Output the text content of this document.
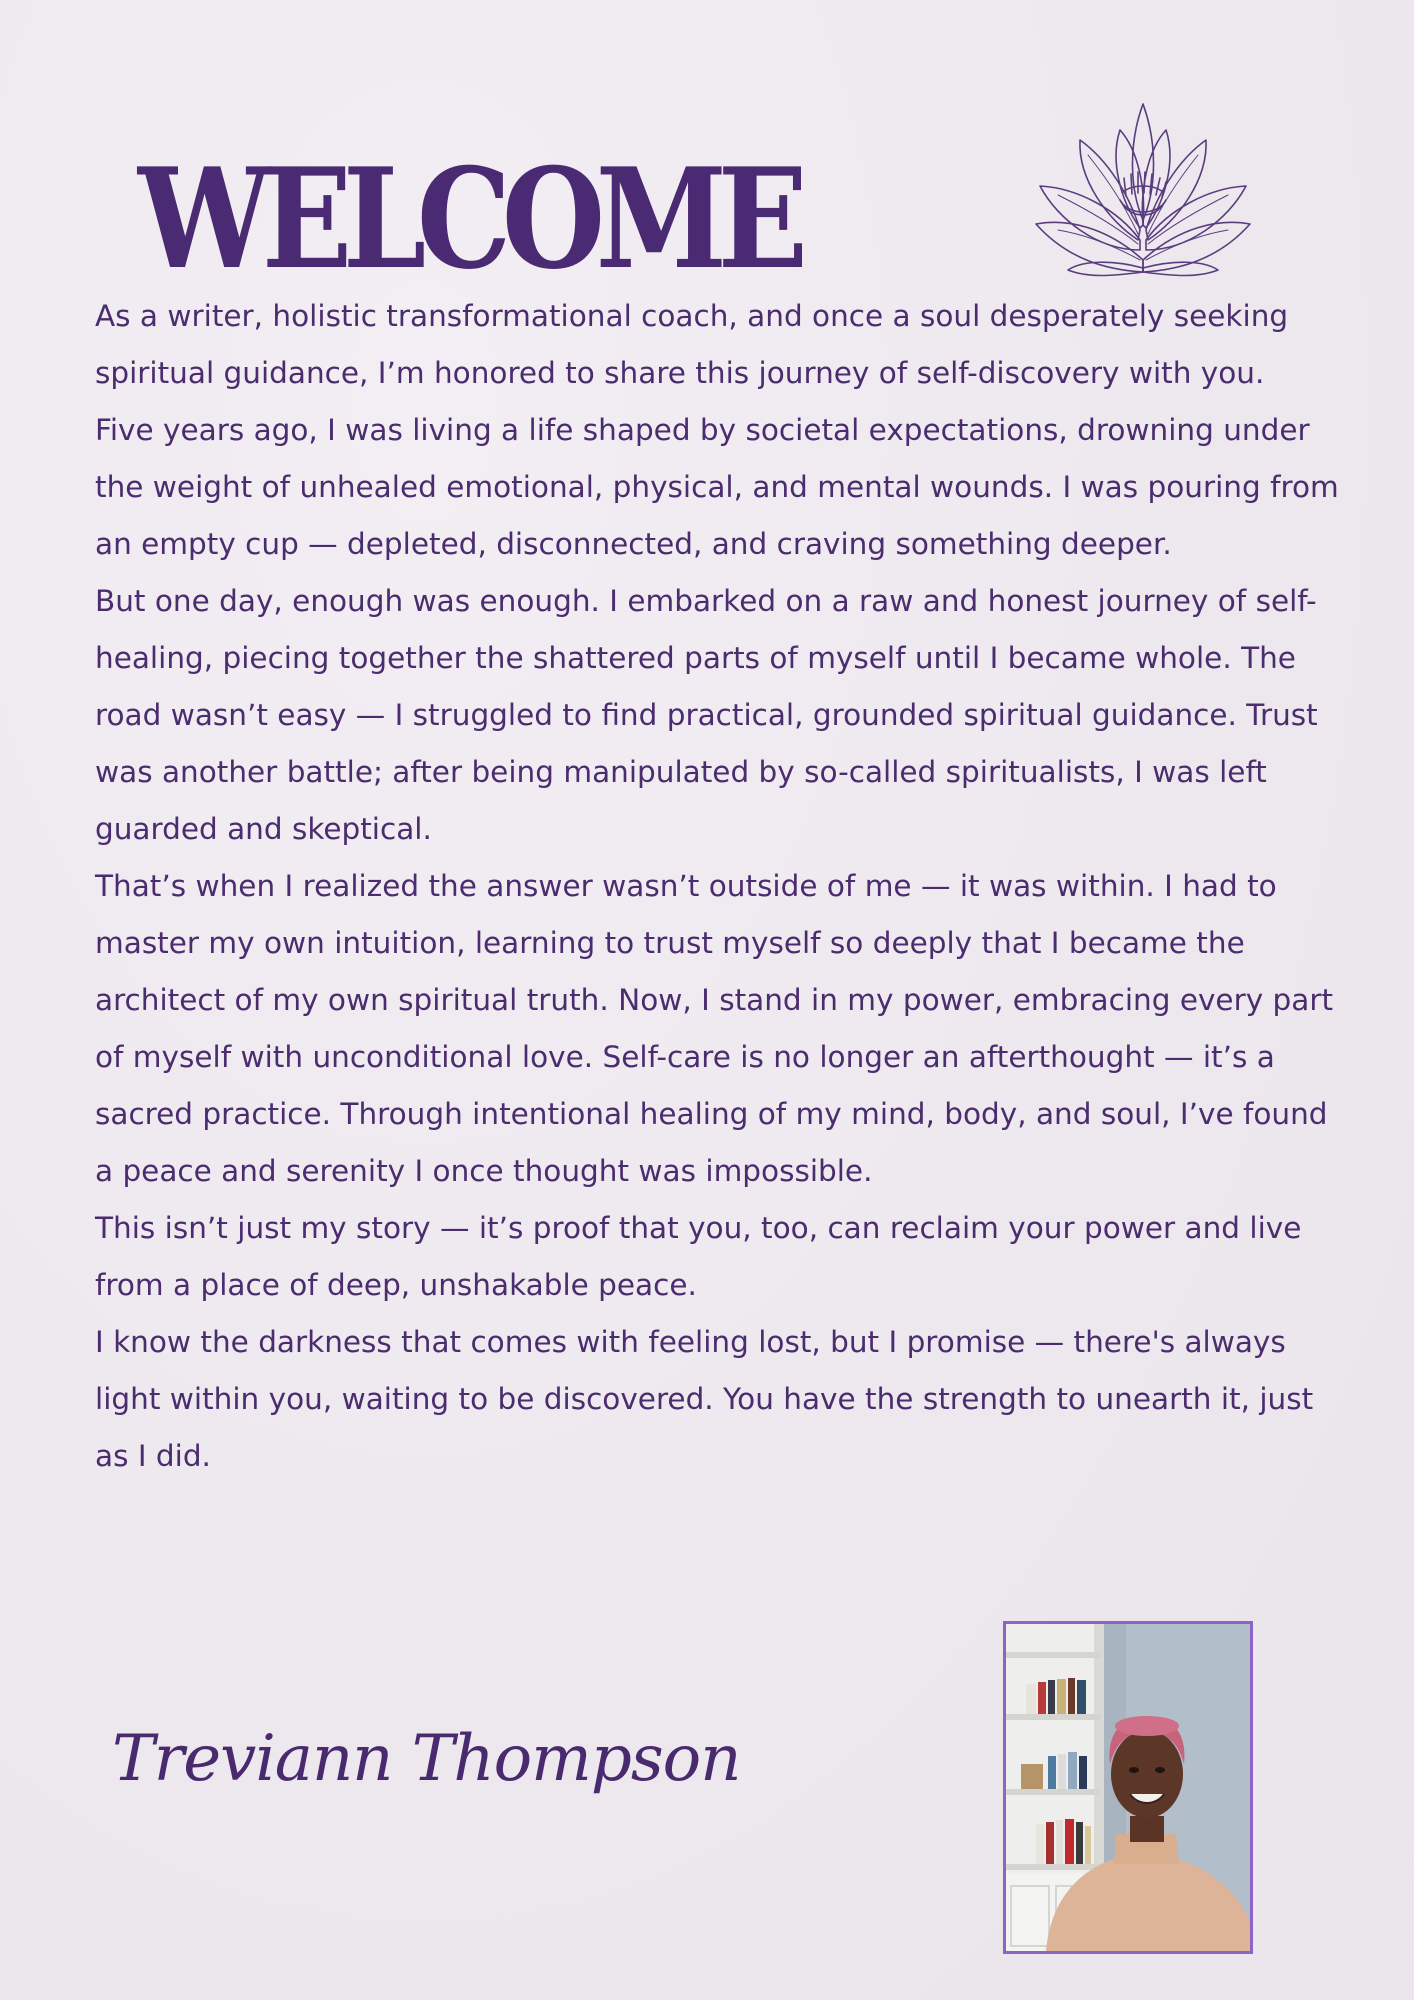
WELCOME

As a writer, holistic transformational coach, and once a soul desperately seeking spiritual guidance, I’m honored to share this journey of self-discovery with you.

Five years ago, I was living a life shaped by societal expectations, drowning under the weight of unhealed emotional, physical, and mental wounds. I was pouring from an empty cup — depleted, disconnected, and craving something deeper.

But one day, enough was enough. I embarked on a raw and honest journey of self-healing, piecing together the shattered parts of myself until I became whole. The road wasn’t easy — I struggled to find practical, grounded spiritual guidance. Trust was another battle; after being manipulated by so-called spiritualists, I was left guarded and skeptical.

That’s when I realized the answer wasn’t outside of me — it was within. I had to master my own intuition, learning to trust myself so deeply that I became the architect of my own spiritual truth. Now, I stand in my power, embracing every part of myself with unconditional love. Self-care is no longer an afterthought — it’s a sacred practice. Through intentional healing of my mind, body, and soul, I’ve found a peace and serenity I once thought was impossible.

This isn’t just my story — it’s proof that you, too, can reclaim your power and live from a place of deep, unshakable peace.

I know the darkness that comes with feeling lost, but I promise — there's always light within you, waiting to be discovered. You have the strength to unearth it, just as I did.

Treviann Thompson
